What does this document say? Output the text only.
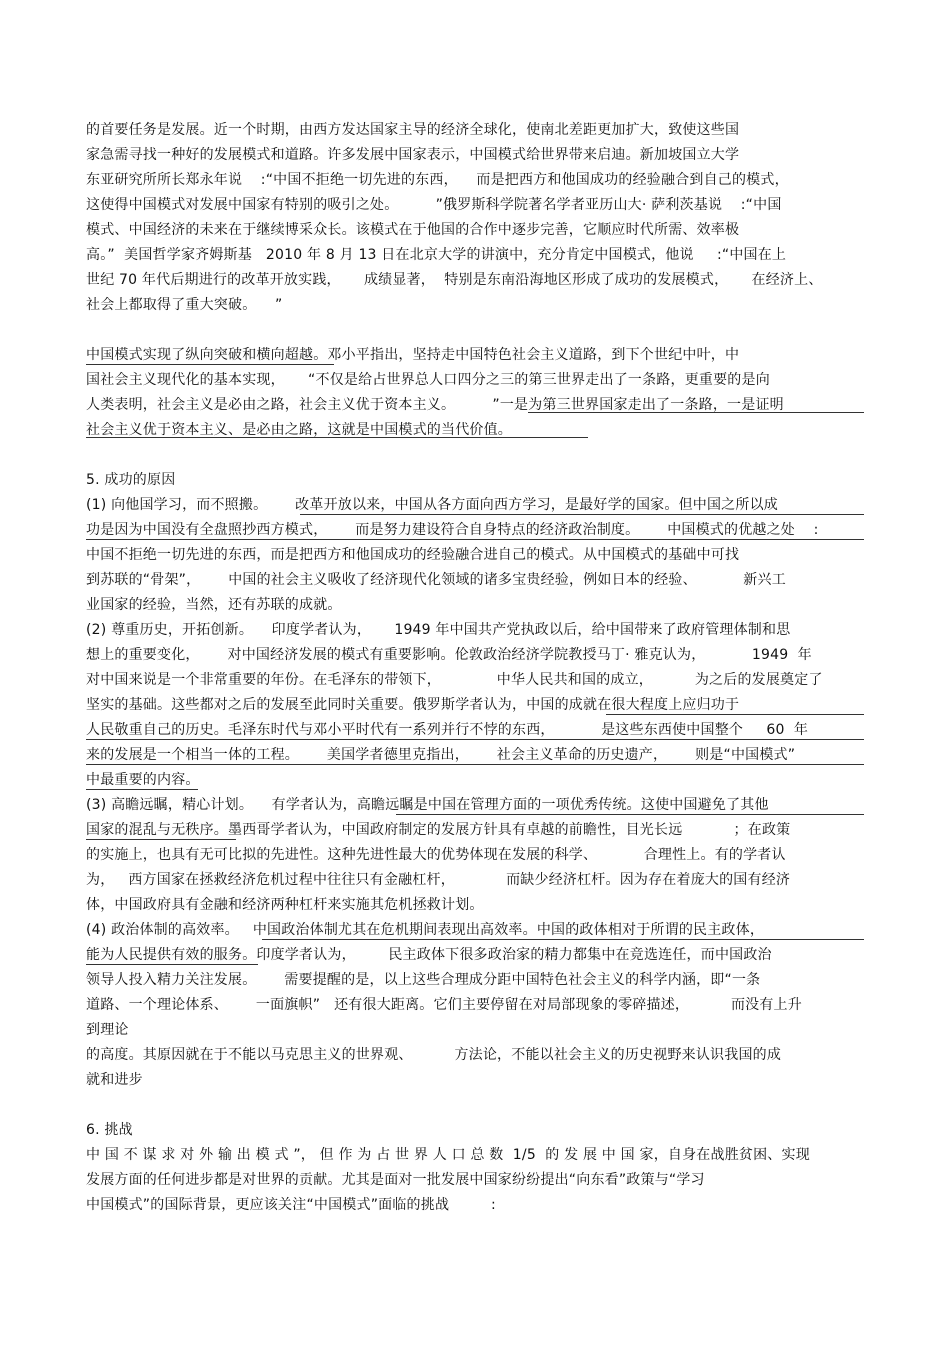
的首要任务是发展。近一个时期，由西方发达国家主导的经济全球化，使南北差距更加扩大，致使这些国
家急需寻找一种好的发展模式和道路。许多发展中国家表示，中国模式给世界带来启迪。新加坡国立大学
东亚研究所所长郑永年说    :“中国不拒绝一切先进的东西，    而是把西方和他国成功的经验融合到自己的模式，
这使得中国模式对发展中国家有特别的吸引之处。        ”俄罗斯科学院著名学者亚历山大· 萨利茨基说    :“中国
模式、中国经济的未来在于继续博采众长。该模式在于他国的合作中逐步完善，它顺应时代所需、效率极
高。”  美国哲学家齐姆斯基   2010 年 8 月 13 日在北京大学的讲演中，充分肯定中国模式，他说     :“中国在上
世纪 70 年代后期进行的改革开放实践，     成绩显著，  特别是东南沿海地区形成了成功的发展模式，     在经济上、
社会上都取得了重大突破。    ”
中国模式实现了纵向突破和横向超越。邓小平指出，坚持走中国特色社会主义道路，到下个世纪中叶，中
国社会主义现代化的基本实现，     “不仅是给占世界总人口四分之三的第三世界走出了一条路，更重要的是向
人类表明，社会主义是必由之路，社会主义优于资本主义。        ”一是为第三世界国家走出了一条路，一是证明
社会主义优于资本主义、是必由之路，这就是中国模式的当代价值。
5. 成功的原因
(1) 向他国学习，而不照搬。      改革开放以来，中国从各方面向西方学习，是最好学的国家。但中国之所以成
功是因为中国没有全盘照抄西方模式，      而是努力建设符合自身特点的经济政治制度。      中国模式的优越之处    :
中国不拒绝一切先进的东西，而是把西方和他国成功的经验融合进自己的模式。从中国模式的基础中可找
到苏联的“骨架”，      中国的社会主义吸收了经济现代化领域的诸多宝贵经验，例如日本的经验、          新兴工
业国家的经验，当然，还有苏联的成就。
(2) 尊重历史，开拓创新。    印度学者认为，     1949 年中国共产党执政以后，给中国带来了政府管理体制和思
想上的重要变化，      对中国经济发展的模式有重要影响。伦敦政治经济学院教授马丁· 雅克认为，          1949  年
对中国来说是一个非常重要的年份。在毛泽东的带领下，            中华人民共和国的成立，         为之后的发展奠定了
坚实的基础。这些都对之后的发展至此同时关重要。俄罗斯学者认为，中国的成就在很大程度上应归功于
人民敬重自己的历史。毛泽东时代与邓小平时代有一系列并行不悖的东西，          是这些东西使中国整个     60  年
来的发展是一个相当一体的工程。      美国学者德里克指出，      社会主义革命的历史遗产，      则是“中国模式”
中最重要的内容。
(3) 高瞻远瞩，精心计划。    有学者认为，高瞻远瞩是中国在管理方面的一项优秀传统。这使中国避免了其他
国家的混乱与无秩序。墨西哥学者认为，中国政府制定的发展方针具有卓越的前瞻性，目光长远           ；在政策
的实施上，也具有无可比拟的先进性。这种先进性最大的优势体现在发展的科学、          合理性上。有的学者认
为，   西方国家在拯救经济危机过程中往往只有金融杠杆，           而缺少经济杠杆。因为存在着庞大的国有经济
体，中国政府具有金融和经济两种杠杆来实施其危机拯救计划。
(4) 政治体制的高效率。   中国政治体制尤其在危机期间表现出高效率。中国的政体相对于所谓的民主政体，
能为人民提供有效的服务。印度学者认为，       民主政体下很多政治家的精力都集中在竞选连任，而中国政治
领导人投入精力关注发展。      需要提醒的是，以上这些合理成分距中国特色社会主义的科学内涵，即“一条
道路、一个理论体系、      一面旗帜”   还有很大距离。它们主要停留在对局部现象的零碎描述，         而没有上升
到理论
的高度。其原因就在于不能以马克思主义的世界观、         方法论，不能以社会主义的历史视野来认识我国的成
就和进步
6. 挑战
中 国 不 谋 求 对 外 输 出 模 式 ”， 但 作 为 占 世 界 人 口 总 数  1/5  的 发 展 中 国 家，自身在战胜贫困、实现
发展方面的任何进步都是对世界的贡献。尤其是面对一批发展中国家纷纷提出“向东看”政策与“学习
中国模式”的国际背景，更应该关注“中国模式”面临的挑战         :
